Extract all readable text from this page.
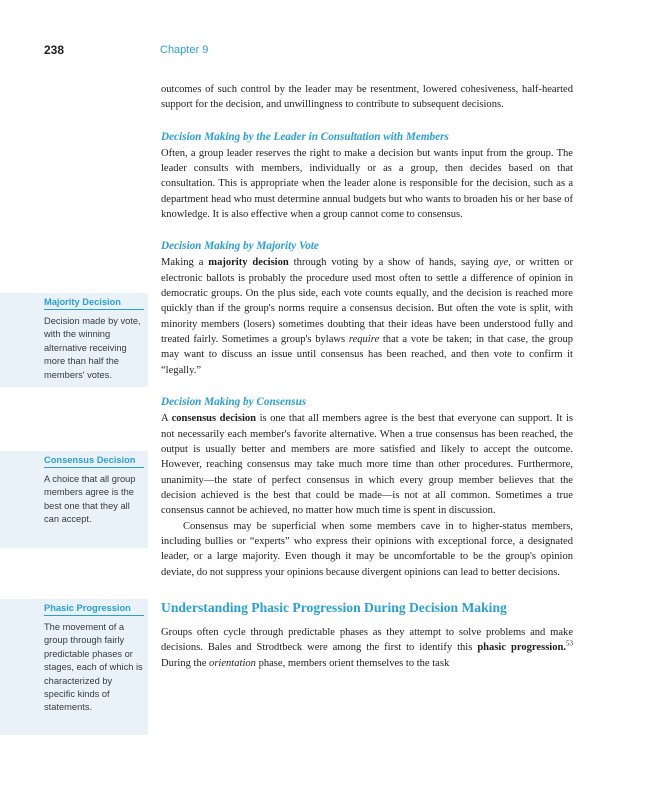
238	Chapter 9
Majority Decision
Decision made by vote, with the winning alternative receiving more than half the members' votes.
Consensus Decision
A choice that all group members agree is the best one that they all can accept.
Phasic Progression
The movement of a group through fairly predictable phases or stages, each of which is characterized by specific kinds of statements.

outcomes of such control by the leader may be resentment, lowered cohesiveness, half-hearted support for the decision, and unwillingness to contribute to subsequent decisions.

Decision Making by the Leader in Consultation with Members

Often, a group leader reserves the right to make a decision but wants input from the group. The leader consults with members, individually or as a group, then decides based on that consultation. This is appropriate when the leader alone is responsible for the decision, such as a department head who must determine annual budgets but who wants to broaden his or her base of knowledge. It is also effective when a group cannot come to consensus.

Decision Making by Majority Vote

Making a majority decision through voting by a show of hands, saying aye, or written or electronic ballots is probably the procedure used most often to settle a difference of opinion in democratic groups. On the plus side, each vote counts equally, and the decision is reached more quickly than if the group's norms require a consensus decision. But often the vote is split, with minority members (losers) sometimes doubting that their ideas have been understood fully and treated fairly. Sometimes a group's bylaws require that a vote be taken; in that case, the group may want to discuss an issue until consensus has been reached, and then vote to confirm it “legally.”

Decision Making by Consensus

A consensus decision is one that all members agree is the best that everyone can support. It is not necessarily each member's favorite alternative. When a true consensus has been reached, the output is usually better and members are more satisfied and likely to accept the outcome. However, reaching consensus may take much more time than other procedures. Furthermore, unanimity—the state of perfect consensus in which every group member believes that the decision achieved is the best that could be made—is not at all common. Sometimes a true consensus cannot be achieved, no matter how much time is spent in discussion.

Consensus may be superficial when some members cave in to higher-status members, including bullies or “experts” who express their opinions with exceptional force, a designated leader, or a large majority. Even though it may be uncomfortable to be the group's opinion deviate, do not suppress your opinions because divergent opinions can lead to better decisions.

Understanding Phasic Progression During Decision Making

Groups often cycle through predictable phases as they attempt to solve problems and make decisions. Bales and Strodtbeck were among the first to identify this phasic progression.$^{53}$ During the orientation phase, members orient themselves to the task
